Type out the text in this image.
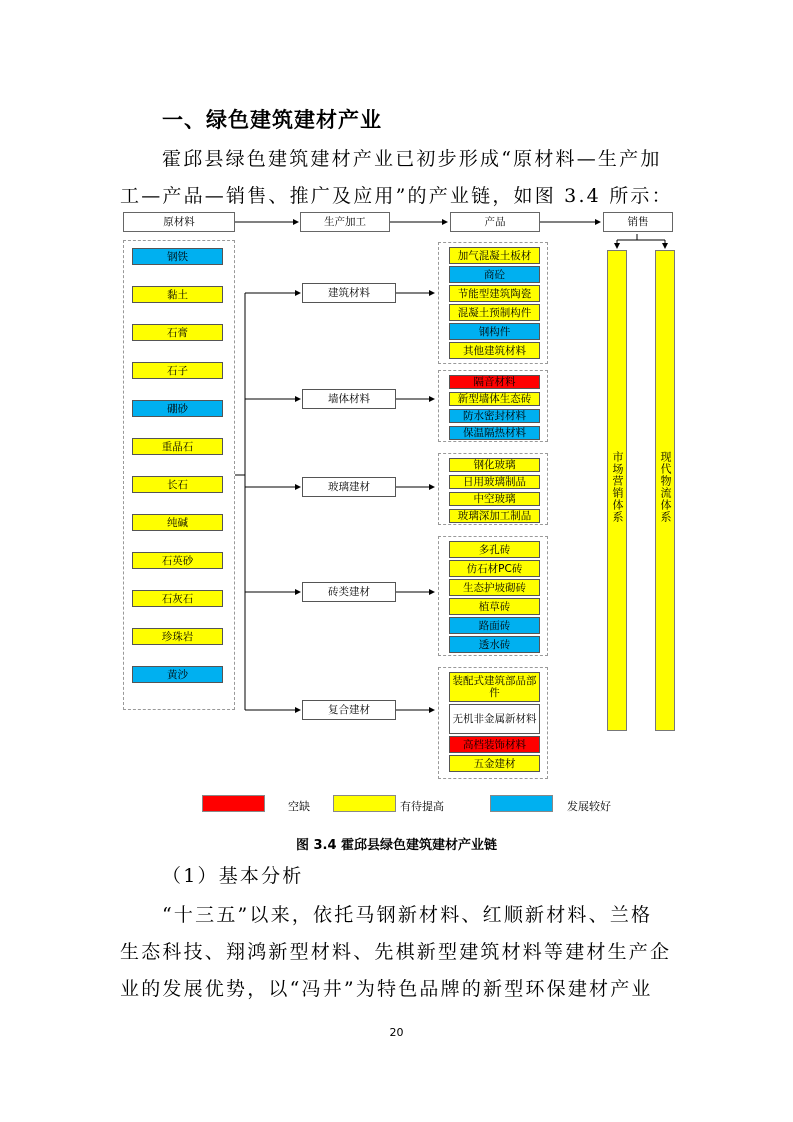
一、绿色建筑建材产业
霍邱县绿色建筑建材产业已初步形成“原材料—生产加
工—产品—销售、推广及应用”的产业链，如图 3.4 所示：
原材料	生产加工	产品	销售
钢铁
黏土
石膏
石子
硼砂
重晶石
长石
纯碱
石英砂
石灰石
珍珠岩
黄沙
建筑材料
墙体材料
玻璃建材
砖类建材
复合建材
加气混凝土板材
商砼
节能型建筑陶瓷
混凝土预制构件
钢构件
其他建筑材料
隔音材料
新型墙体生态砖
防水密封材料
保温隔热材料
钢化玻璃
日用玻璃制品
中空玻璃
玻璃深加工制品
多孔砖
仿石材PC砖
生态护坡砌砖
植草砖
路面砖
透水砖
装配式建筑部品部件
无机非金属新材料
高档装饰材料
五金建材
市场营销体系	现代物流体系
空缺	有待提高	发展较好
图 3.4 霍邱县绿色建筑建材产业链
（1）基本分析
“十三五”以来，依托马钢新材料、红顺新材料、兰格
生态科技、翔鸿新型材料、先棋新型建筑材料等建材生产企
业的发展优势，以“冯井”为特色品牌的新型环保建材产业
20
